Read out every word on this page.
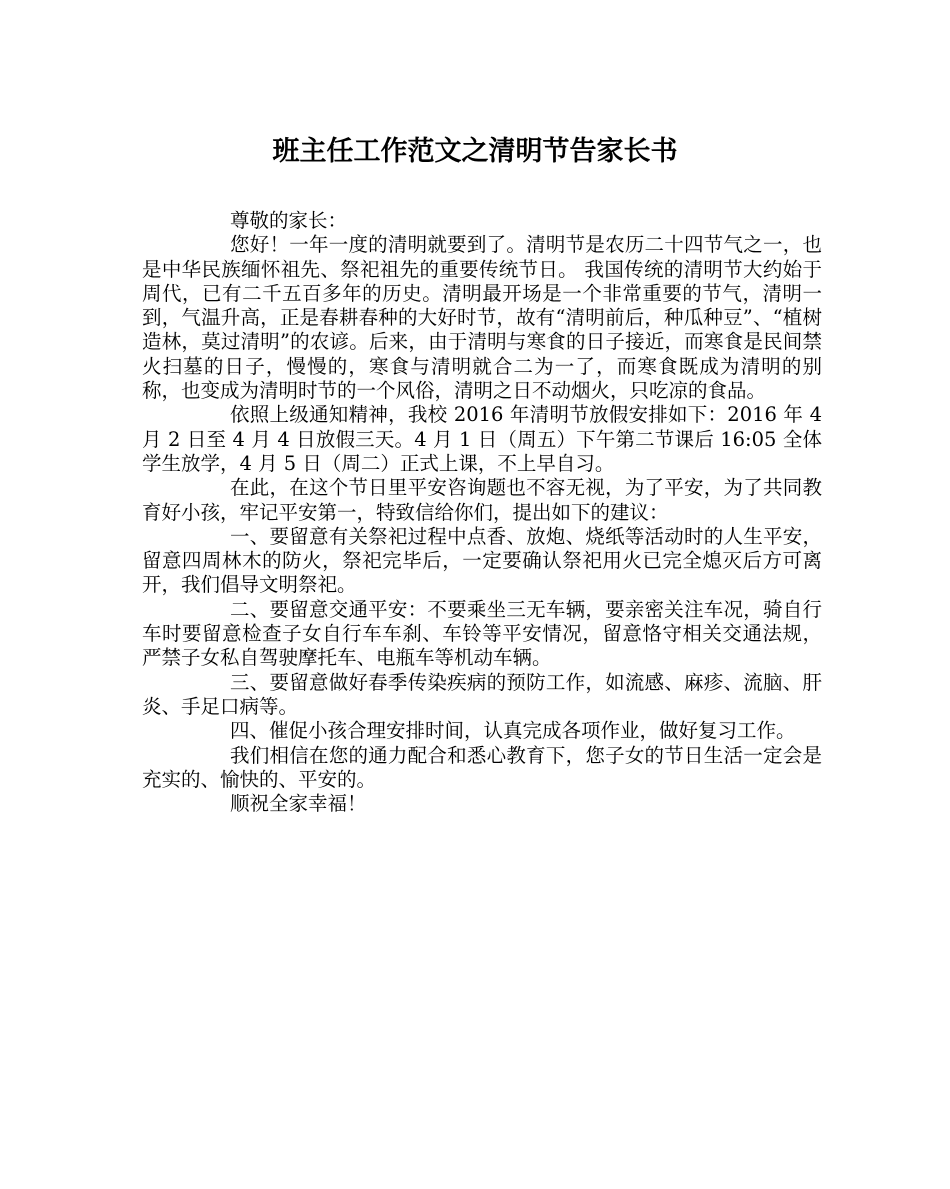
班主任工作范文之清明节告家长书

尊敬的家长：

您好！一年一度的清明就要到了。清明节是农历二十四节气之一，也是中华民族缅怀祖先、祭祀祖先的重要传统节日。 我国传统的清明节大约始于周代，已有二千五百多年的历史。清明最开场是一个非常重要的节气，清明一到，气温升高，正是春耕春种的大好时节，故有“清明前后，种瓜种豆”、“植树造林，莫过清明”的农谚。后来，由于清明与寒食的日子接近，而寒食是民间禁火扫墓的日子，慢慢的，寒食与清明就合二为一了，而寒食既成为清明的别称，也变成为清明时节的一个风俗，清明之日不动烟火，只吃凉的食品。

依照上级通知精神，我校 2016 年清明节放假安排如下：2016 年 4 月 2 日至 4 月 4 日放假三天。4 月 1 日（周五）下午第二节课后 16:05 全体学生放学，4 月 5 日（周二）正式上课，不上早自习。

在此，在这个节日里平安咨询题也不容无视，为了平安，为了共同教育好小孩，牢记平安第一，特致信给你们，提出如下的建议：

一、要留意有关祭祀过程中点香、放炮、烧纸等活动时的人生平安，留意四周林木的防火，祭祀完毕后，一定要确认祭祀用火已完全熄灭后方可离开，我们倡导文明祭祀。

二、要留意交通平安：不要乘坐三无车辆，要亲密关注车况，骑自行车时要留意检查子女自行车车刹、车铃等平安情况，留意恪守相关交通法规，严禁子女私自驾驶摩托车、电瓶车等机动车辆。

三、要留意做好春季传染疾病的预防工作，如流感、麻疹、流脑、肝炎、手足口病等。

四、催促小孩合理安排时间，认真完成各项作业，做好复习工作。

我们相信在您的通力配合和悉心教育下，您子女的节日生活一定会是充实的、愉快的、平安的。

顺祝全家幸福！
